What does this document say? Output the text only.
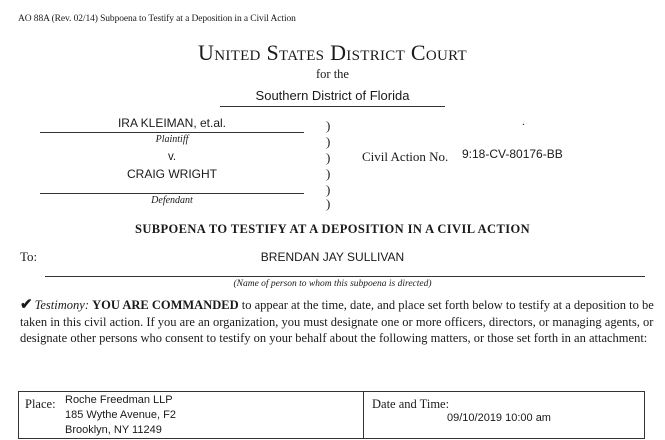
AO 88A (Rev. 02/14) Subpoena to Testify at a Deposition in a Civil Action
United States District Court
for the
Southern District of Florida
IRA KLEIMAN, et.al.
Plaintiff
v.
CRAIG WRIGHT
Defendant
)
)
)
)
)
)
.
Civil Action No. 9:18-CV-80176-BB
SUBPOENA TO TESTIFY AT A DEPOSITION IN A CIVIL ACTION
To:	BRENDAN JAY SULLIVAN
(Name of person to whom this subpoena is directed)
✔ Testimony: YOU ARE COMMANDED to appear at the time, date, and place set forth below to testify at a deposition to be taken in this civil action. If you are an organization, you must designate one or more officers, directors, or managing agents, or designate other persons who consent to testify on your behalf about the following matters, or those set forth in an attachment:
Place: Roche Freedman LLP
185 Wythe Avenue, F2
Brooklyn, NY 11249
Date and Time:
09/10/2019 10:00 am
